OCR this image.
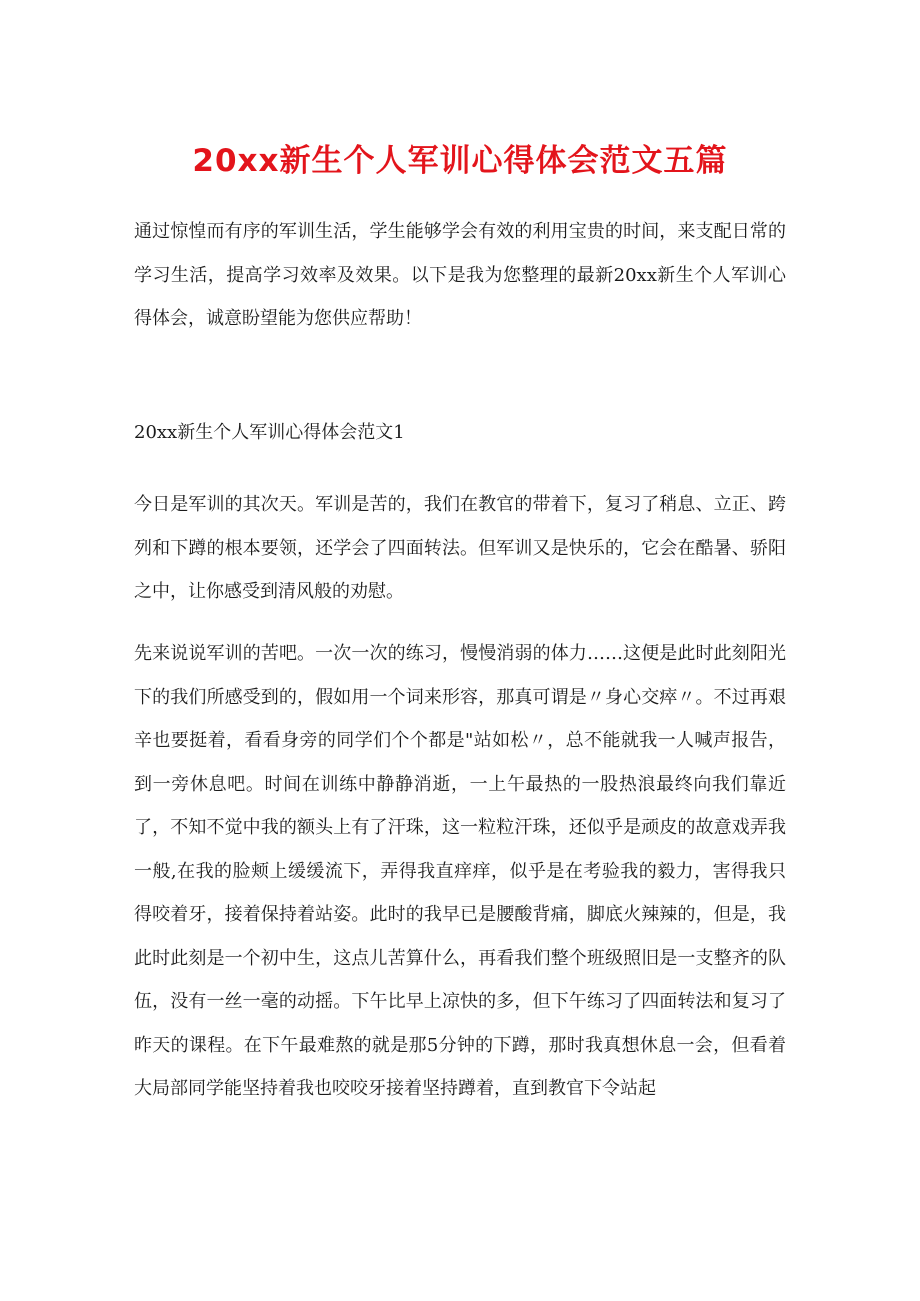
20xx新生个人军训心得体会范文五篇
通过惊惶而有序的军训生活，学生能够学会有效的利用宝贵的时间，来支配日常的学习生活，提高学习效率及效果。以下是我为您整理的最新20xx新生个人军训心得体会，诚意盼望能为您供应帮助！
20xx新生个人军训心得体会范文1
今日是军训的其次天。军训是苦的，我们在教官的带着下，复习了稍息、立正、跨列和下蹲的根本要领，还学会了四面转法。但军训又是快乐的，它会在酷暑、骄阳之中，让你感受到清风般的劝慰。
先来说说军训的苦吧。一次一次的练习，慢慢消弱的体力……这便是此时此刻阳光下的我们所感受到的，假如用一个词来形容，那真可谓是〃身心交瘁〃。不过再艰辛也要挺着，看看身旁的同学们个个都是"站如松〃，总不能就我一人喊声报告，到一旁休息吧。时间在训练中静静消逝，一上午最热的一股热浪最终向我们靠近了，不知不觉中我的额头上有了汗珠，这一粒粒汗珠，还似乎是顽皮的故意戏弄我一般,在我的脸颊上缓缓流下，弄得我直痒痒，似乎是在考验我的毅力，害得我只得咬着牙，接着保持着站姿。此时的我早已是腰酸背痛，脚底火辣辣的，但是，我此时此刻是一个初中生，这点儿苦算什么，再看我们整个班级照旧是一支整齐的队伍，没有一丝一毫的动摇。下午比早上凉快的多，但下午练习了四面转法和复习了昨天的课程。在下午最难熬的就是那5分钟的下蹲，那时我真想休息一会，但看着大局部同学能坚持着我也咬咬牙接着坚持蹲着，直到教官下令站起
